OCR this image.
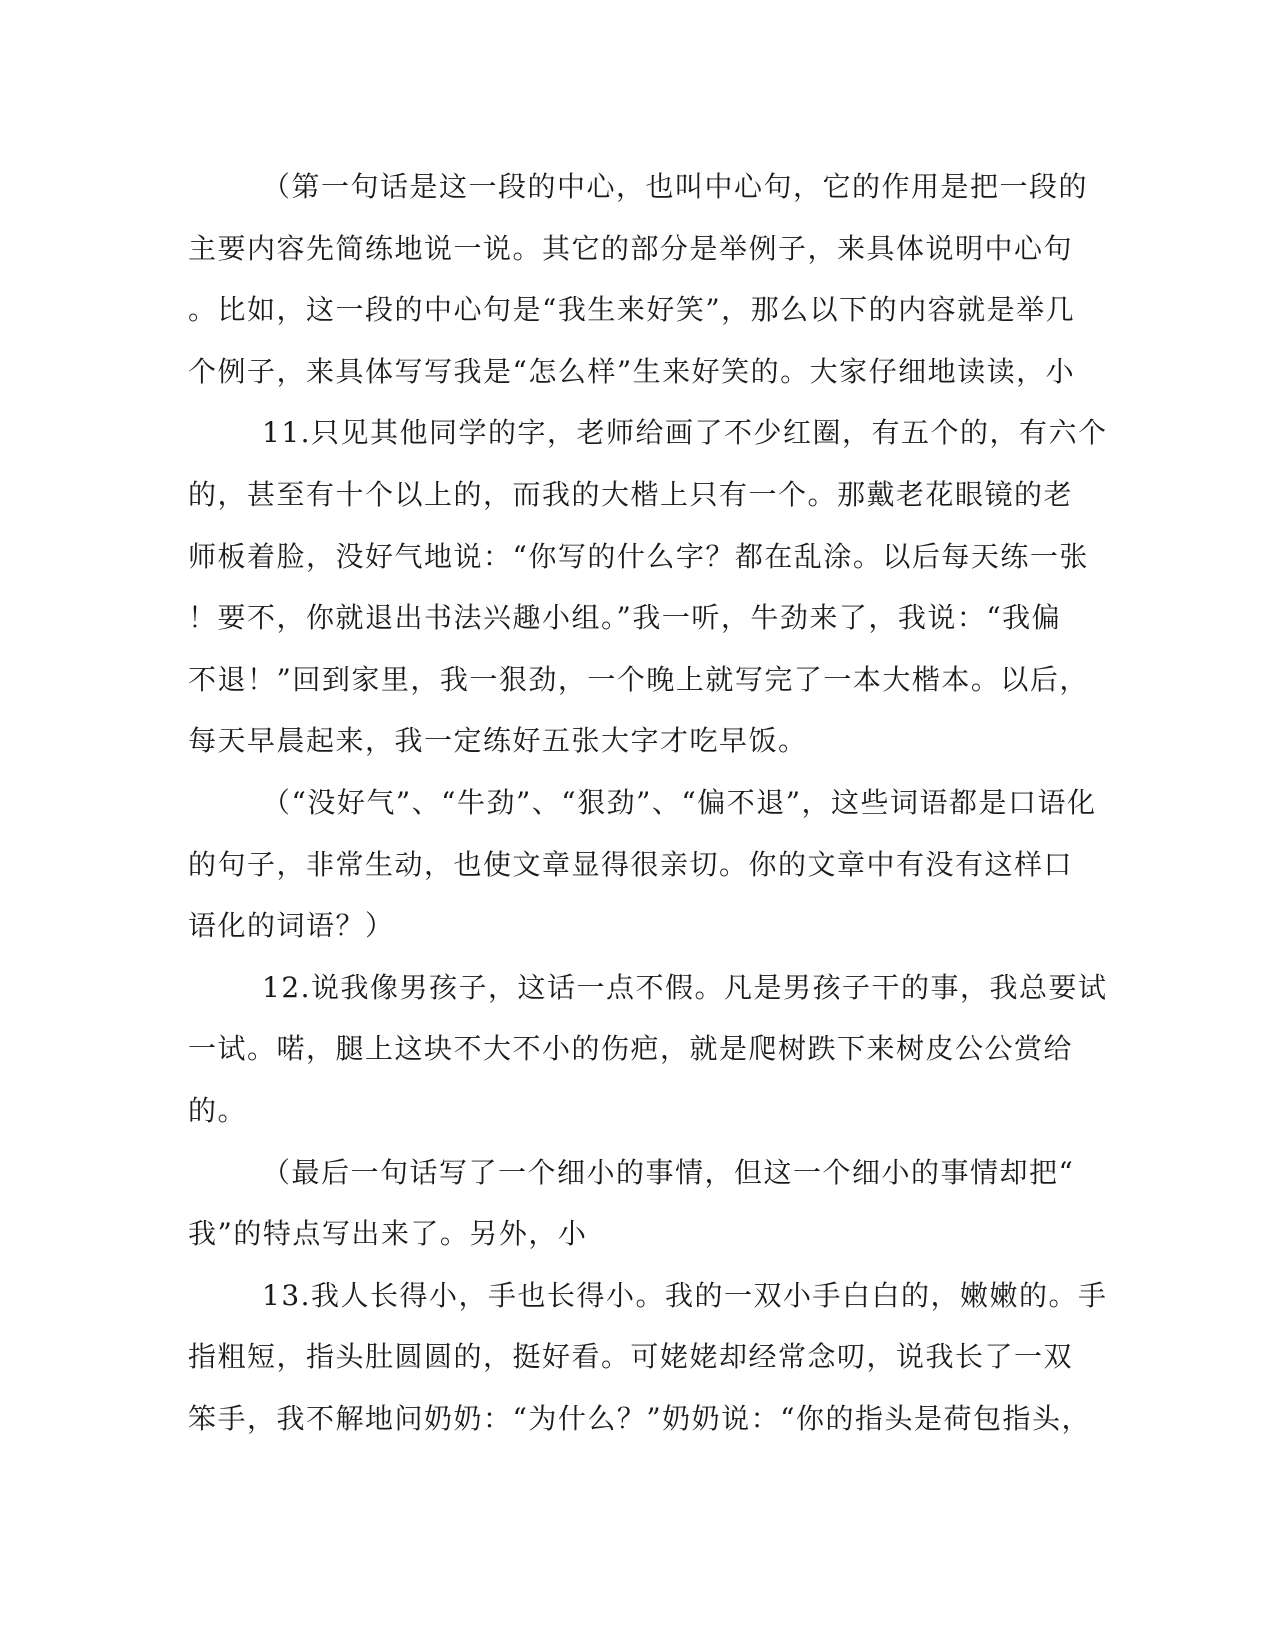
（第一句话是这一段的中心，也叫中心句，它的作用是把一段的
主要内容先简练地说一说。其它的部分是举例子，来具体说明中心句
。比如，这一段的中心句是“我生来好笑”，那么以下的内容就是举几
个例子，来具体写写我是“怎么样”生来好笑的。大家仔细地读读，小
11.只见其他同学的字，老师给画了不少红圈，有五个的，有六个
的，甚至有十个以上的，而我的大楷上只有一个。那戴老花眼镜的老
师板着脸，没好气地说：“你写的什么字？都在乱涂。以后每天练一张
！要不，你就退出书法兴趣小组。”我一听，牛劲来了，我说：“我偏
不退！”回到家里，我一狠劲，一个晚上就写完了一本大楷本。以后，
每天早晨起来，我一定练好五张大字才吃早饭。
（“没好气”、“牛劲”、“狠劲”、“偏不退”，这些词语都是口语化
的句子，非常生动，也使文章显得很亲切。你的文章中有没有这样口
语化的词语？）
12.说我像男孩子，这话一点不假。凡是男孩子干的事，我总要试
一试。喏，腿上这块不大不小的伤疤，就是爬树跌下来树皮公公赏给
的。
（最后一句话写了一个细小的事情，但这一个细小的事情却把“
我”的特点写出来了。另外，小
13.我人长得小，手也长得小。我的一双小手白白的，嫩嫩的。手
指粗短，指头肚圆圆的，挺好看。可姥姥却经常念叨，说我长了一双
笨手，我不解地问奶奶：“为什么？”奶奶说：“你的指头是荷包指头，
